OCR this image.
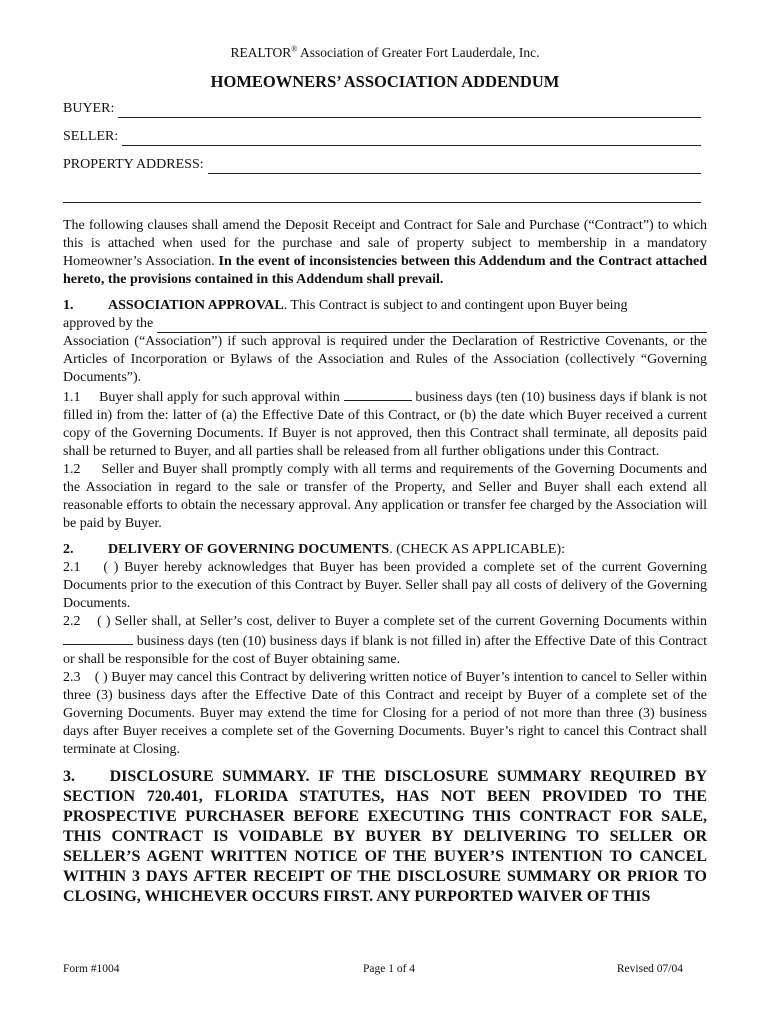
REALTOR® Association of Greater Fort Lauderdale, Inc.

HOMEOWNERS’ ASSOCIATION ADDENDUM
BUYER:
SELLER:
PROPERTY ADDRESS:

The following clauses shall amend the Deposit Receipt and Contract for Sale and Purchase (“Contract”) to which this is attached when used for the purchase and sale of property subject to membership in a mandatory Homeowner’s Association. In the event of inconsistencies between this Addendum and the Contract attached hereto, the provisions contained in this Addendum shall prevail.

1. ASSOCIATION APPROVAL. This Contract is subject to and contingent upon Buyer being

approved by the

Association (“Association”) if such approval is required under the Declaration of Restrictive Covenants, or the Articles of Incorporation or Bylaws of the Association and Rules of the Association (collectively “Governing Documents”).

1.1 Buyer shall apply for such approval within	business days (ten (10) business days if blank is not filled in) from the: latter of (a) the Effective Date of this Contract, or (b) the date which Buyer received a current copy of the Governing Documents. If Buyer is not approved, then this Contract shall terminate, all deposits paid shall be returned to Buyer, and all parties shall be released from all further obligations under this Contract.

1.2 Seller and Buyer shall promptly comply with all terms and requirements of the Governing Documents and the Association in regard to the sale or transfer of the Property, and Seller and Buyer shall each extend all reasonable efforts to obtain the necessary approval. Any application or transfer fee charged by the Association will be paid by Buyer.

2. DELIVERY OF GOVERNING DOCUMENTS. (CHECK AS APPLICABLE):

2.1 ( ) Buyer hereby acknowledges that Buyer has been provided a complete set of the current Governing Documents prior to the execution of this Contract by Buyer. Seller shall pay all costs of delivery of the Governing Documents.

2.2 ( ) Seller shall, at Seller’s cost, deliver to Buyer a complete set of the current Governing Documents within  business days (ten (10) business days if blank is not filled in) after the Effective Date of this Contract or shall be responsible for the cost of Buyer obtaining same.

2.3 ( ) Buyer may cancel this Contract by delivering written notice of Buyer’s intention to cancel to Seller within three (3) business days after the Effective Date of this Contract and receipt by Buyer of a complete set of the Governing Documents. Buyer may extend the time for Closing for a period of not more than three (3) business days after Buyer receives a complete set of the Governing Documents. Buyer’s right to cancel this Contract shall terminate at Closing.

3. DISCLOSURE SUMMARY. IF THE DISCLOSURE SUMMARY REQUIRED BY SECTION 720.401, FLORIDA STATUTES, HAS NOT BEEN PROVIDED TO THE PROSPECTIVE PURCHASER BEFORE EXECUTING THIS CONTRACT FOR SALE, THIS CONTRACT IS VOIDABLE BY BUYER BY DELIVERING TO SELLER OR SELLER’S AGENT WRITTEN NOTICE OF THE BUYER’S INTENTION TO CANCEL WITHIN 3 DAYS AFTER RECEIPT OF THE DISCLOSURE SUMMARY OR PRIOR TO CLOSING, WHICHEVER OCCURS FIRST. ANY PURPORTED WAIVER OF THIS

Form #1004	Page 1 of 4	Revised 07/04
